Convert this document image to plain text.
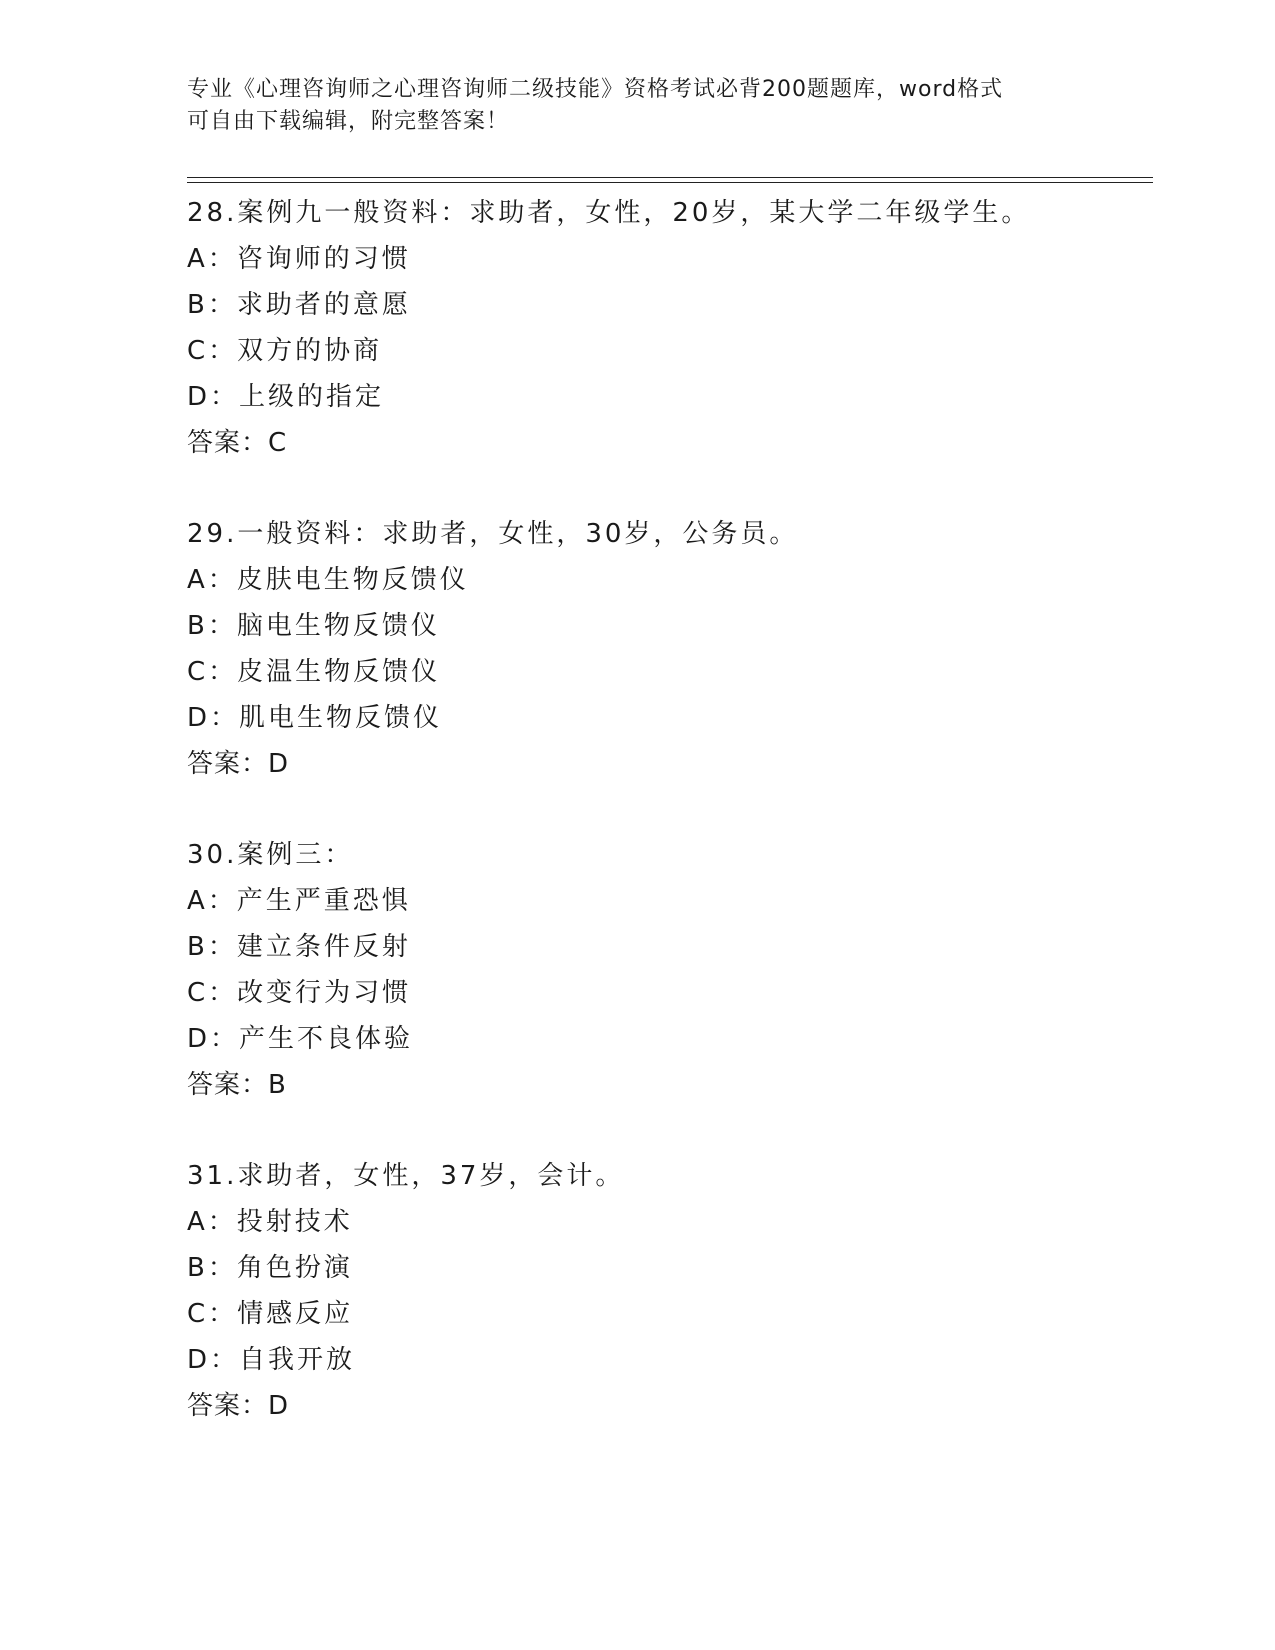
专业《心理咨询师之心理咨询师二级技能》资格考试必背200题题库，word格式
可自由下载编辑，附完整答案！
28.案例九一般资料：求助者，女性，20岁，某大学二年级学生。
A：咨询师的习惯
B：求助者的意愿
C：双方的协商
D：上级的指定
答案：C
29.一般资料：求助者，女性，30岁，公务员。
A：皮肤电生物反馈仪
B：脑电生物反馈仪
C：皮温生物反馈仪
D：肌电生物反馈仪
答案：D
30.案例三：
A：产生严重恐惧
B：建立条件反射
C：改变行为习惯
D：产生不良体验
答案：B
31.求助者，女性，37岁，会计。
A：投射技术
B：角色扮演
C：情感反应
D：自我开放
答案：D
